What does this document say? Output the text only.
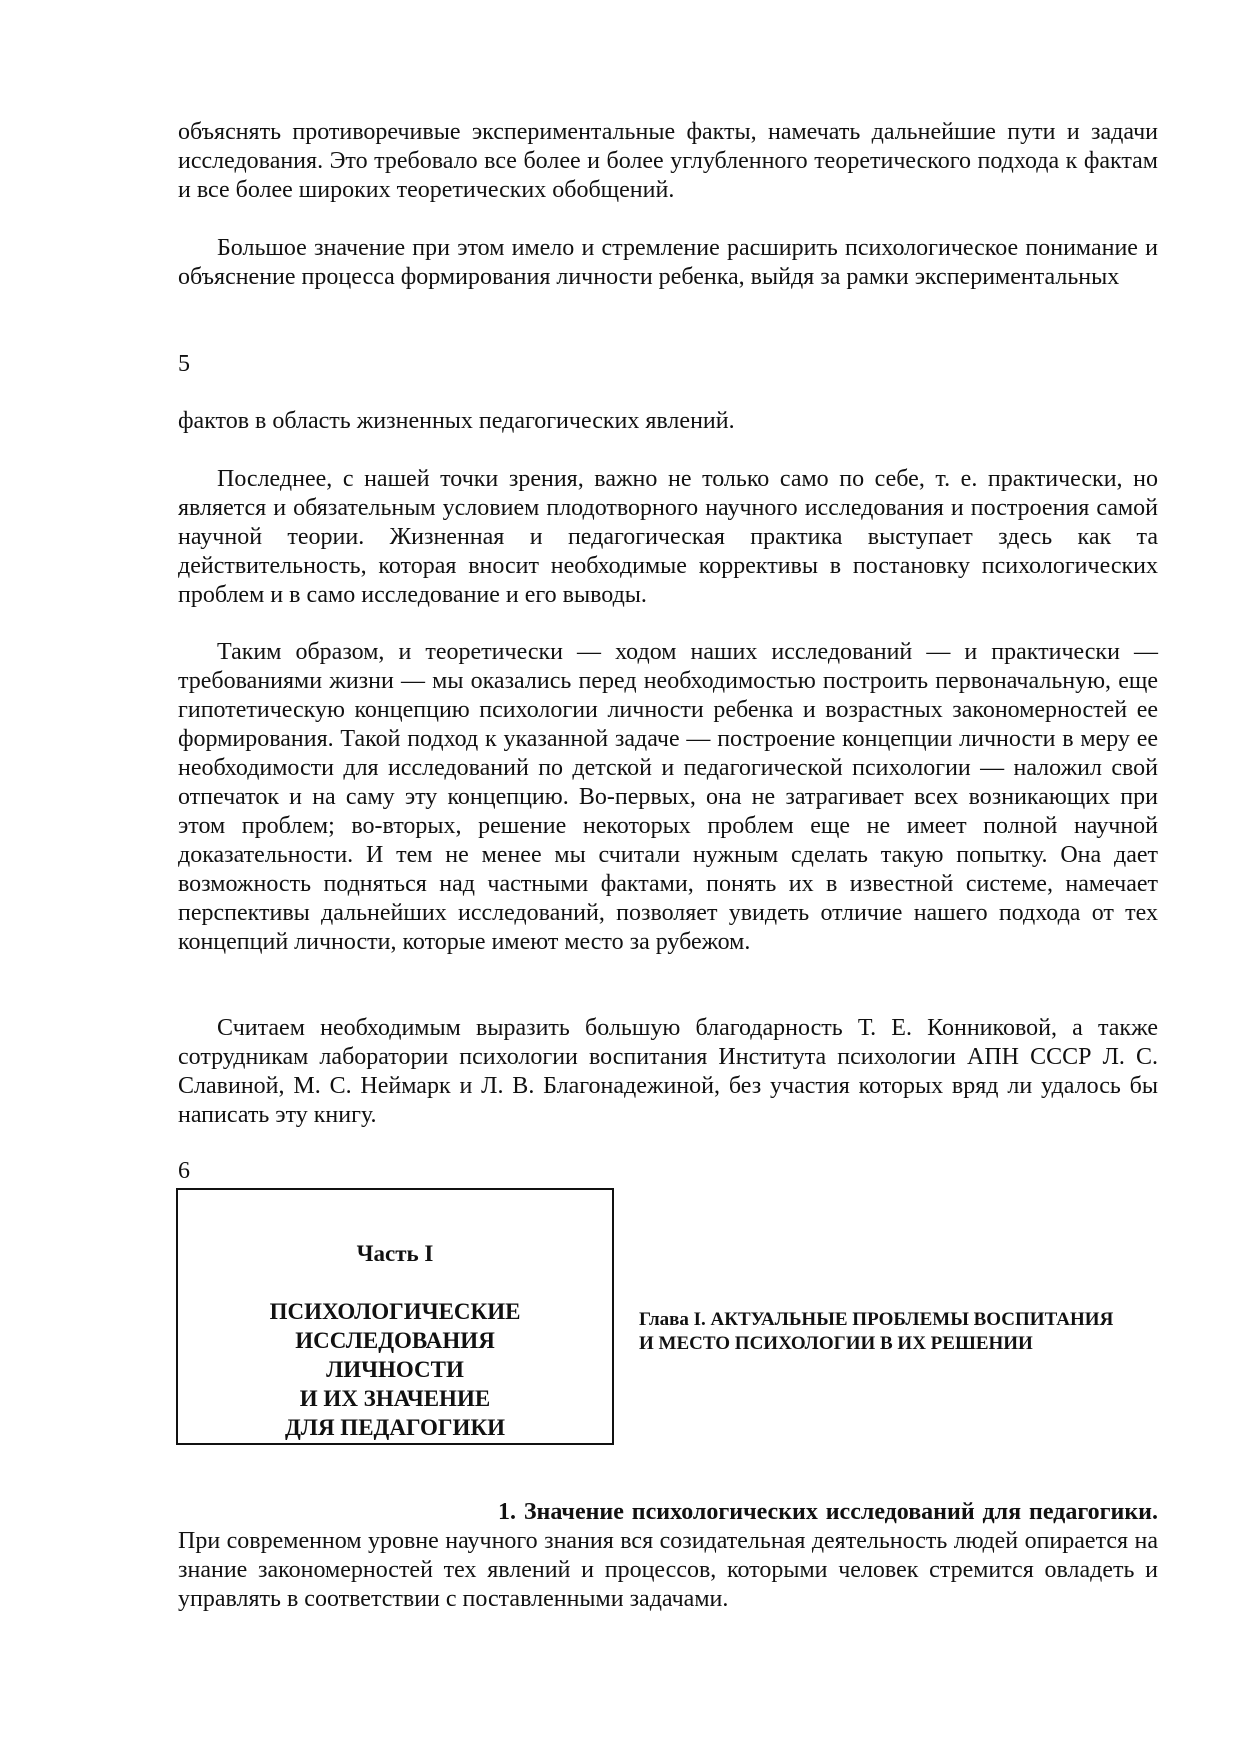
объяснять противоречивые экспериментальные факты, намечать дальнейшие пути и задачи исследования. Это требовало все более и более углубленного теоретического подхода к фактам и все более широких теоретических обобщений.

Большое значение при этом имело и стремление расширить психологическое понимание и объяснение процесса формирования личности ребенка, выйдя за рамки экспериментальных

5

фактов в область жизненных педагогических явлений.

Последнее, с нашей точки зрения, важно не только само по себе, т. е. практически, но является и обязательным условием плодотворного научного исследования и построения самой научной теории. Жизненная и педагогическая практика выступает здесь как та действительность, которая вносит необходимые коррективы в постановку психологических проблем и в само исследование и его выводы.

Таким образом, и теоретически — ходом наших исследований — и практически — требованиями жизни — мы оказались перед необходимостью построить первоначальную, еще гипотетическую концепцию психологии личности ребенка и возрастных закономерностей ее формирования. Такой подход к указанной задаче — построение концепции личности в меру ее необходимости для исследований по детской и педагогической психологии — наложил свой отпечаток и на саму эту концепцию. Во-первых, она не затрагивает всех возникающих при этом проблем; во-вторых, решение некоторых проблем еще не имеет полной научной доказательности. И тем не менее мы считали нужным сделать такую попытку. Она дает возможность подняться над частными фактами, понять их в известной системе, намечает перспективы дальнейших исследований, позволяет увидеть отличие нашего подхода от тех концепций личности, которые имеют место за рубежом.

Считаем необходимым выразить большую благодарность Т. Е. Конниковой, а также сотрудникам лаборатории психологии воспитания Института психологии АПН СССР Л. С. Славиной, М. С. Неймарк и Л. В. Благонадежиной, без участия которых вряд ли удалось бы написать эту книгу.

6
Часть I
ПСИХОЛОГИЧЕСКИЕ
ИССЛЕДОВАНИЯ
ЛИЧНОСТИ
И ИХ ЗНАЧЕНИЕ
ДЛЯ ПЕДАГОГИКИ
Глава I. АКТУАЛЬНЫЕ ПРОБЛЕМЫ ВОСПИТАНИЯ
И МЕСТО ПСИХОЛОГИИ В ИХ РЕШЕНИИ

1. Значение психологических исследований для педагогики. При современном уровне научного знания вся созидательная деятельность людей опирается на знание закономерностей тех явлений и процессов, которыми человек стремится овладеть и управлять в соответствии с поставленными задачами.
